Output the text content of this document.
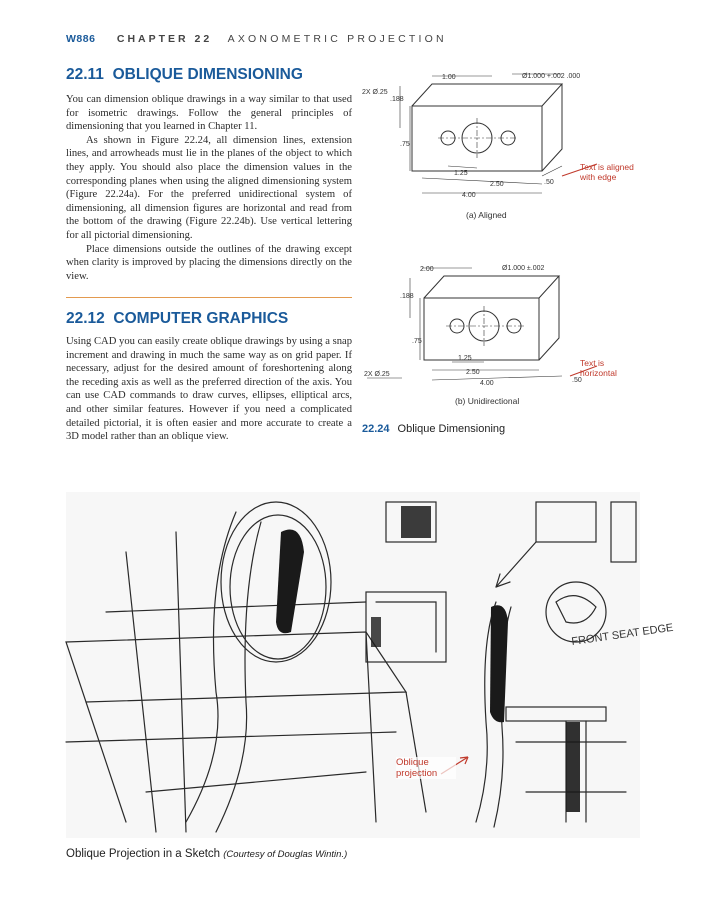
W886 CHAPTER 22 AXONOMETRIC PROJECTION
22.11 OBLIQUE DIMENSIONING

You can dimension oblique drawings in a way similar to that used for isometric drawings. Follow the general principles of dimensioning that you learned in Chapter 11.

As shown in Figure 22.24, all dimension lines, extension lines, and arrowheads must lie in the planes of the object to which they apply. You should also place the dimension values in the corresponding planes when using the aligned dimensioning system (Figure 22.24a). For the preferred unidirectional system of dimensioning, all dimension figures are horizontal and read from the bottom of the drawing (Figure 22.24b). Use vertical lettering for all pictorial dimensioning.

Place dimensions outside the outlines of the drawing except when clarity is improved by placing the dimensions directly on the view.

22.12 COMPUTER GRAPHICS

Using CAD you can easily create oblique drawings by using a snap increment and drawing in much the same way as on grid paper. If necessary, adjust for the desired amount of foreshortening along the receding axis as well as the preferred direction of the axis. You can use CAD commands to draw curves, ellipses, elliptical arcs, and other similar features. However if you need a complicated detailed pictorial, it is often easier and more accurate to create a 3D model rather than an oblique view.

2X Ø.25
1.00	Ø1.000 +.002 .000
.188
.75
1.25
2.50
4.00
.50
Text is aligned with edge
(a) Aligned
2.00	Ø1.000 ±.002
.188
.75
1.25
2.50
4.00
2X Ø.25
.50
Text is horizontal
(b) Unidirectional
22.24 Oblique Dimensioning
FRONT SEAT EDGE
Oblique projection
Oblique Projection in a Sketch (Courtesy of Douglas Wintin.)
